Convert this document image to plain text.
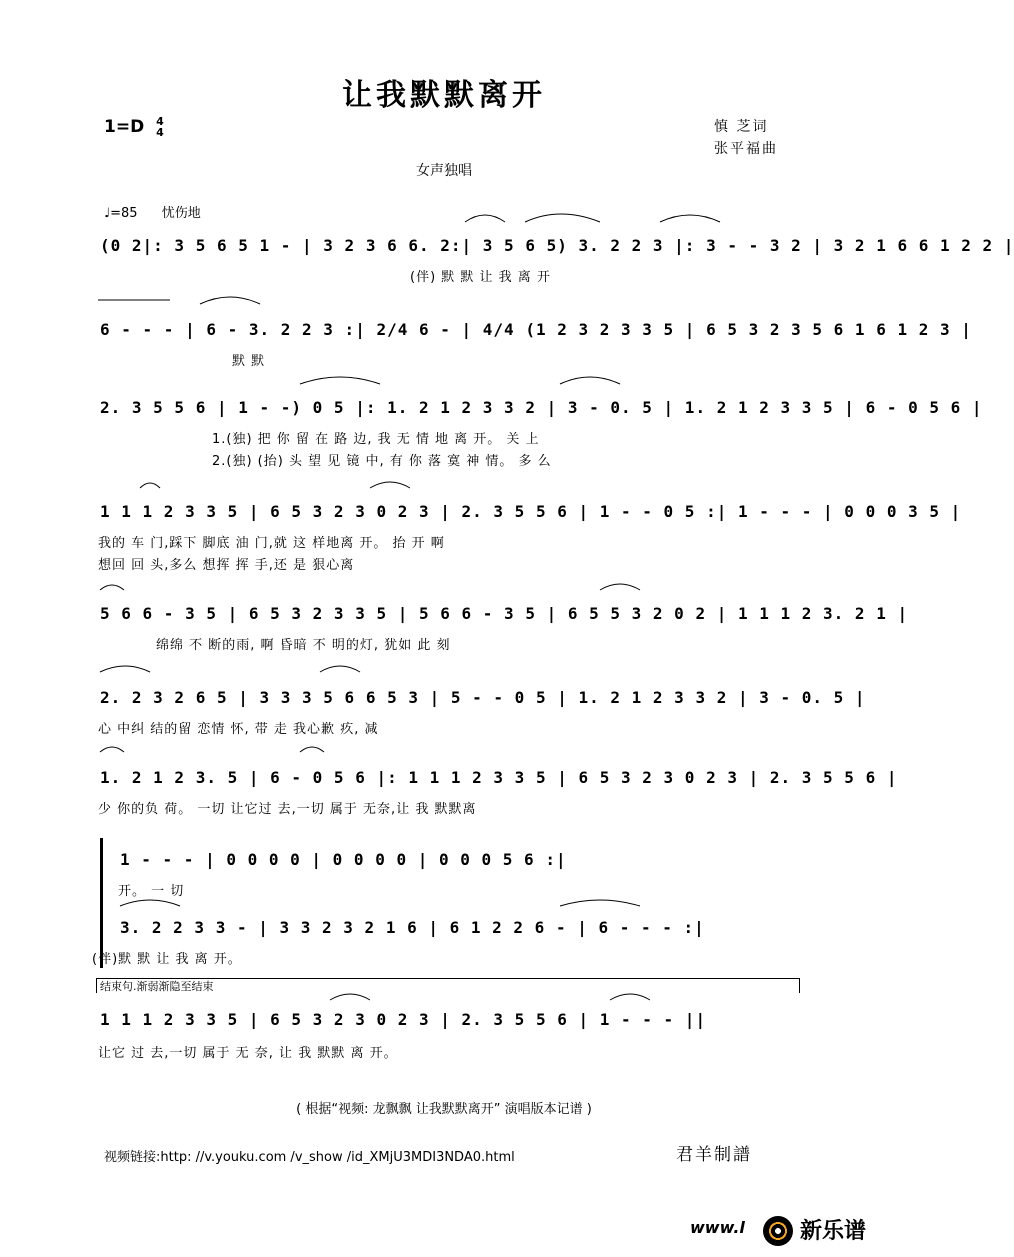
让我默默离开
1=D 4
4	慎 芝词
张平福曲
女声独唱
♩=85 忧伤地
(0 2|: 3 5 6 5 1 - | 3 2 3 6 6. 2:| 3 5 6 5) 3. 2 2 3 |: 3 - - 3 2 | 3 2 1 6 6 1 2 2 |
(伴) 默 默 让 我 离 开
6 - - - | 6 - 3. 2 2 3 :| 2/4 6 - | 4/4 (1 2 3 2 3 3 5 | 6 5 3 2 3 5 6 1 6 1 2 3 |
默 默
2. 3 5 5 6 | 1 - -) 0 5 |: 1. 2 1 2 3 3 2 | 3 - 0. 5 | 1. 2 1 2 3 3 5 | 6 - 0 5 6 |
1.(独) 把 你 留 在 路 边, 我 无 情 地 离 开。 关 上
2.(独) (抬) 头 望 见 镜 中, 有 你 落 寞 神 情。 多 么
1 1 1 2 3 3 5 | 6 5 3 2 3 0 2 3 | 2. 3 5 5 6 | 1 - - 0 5 :| 1 - - - | 0 0 0 3 5 |
我的 车 门,踩下 脚底 油 门,就 这 样地离 开。 抬 开 啊
想回 回 头,多么 想挥 挥 手,还 是 狠心离
5 6 6 - 3 5 | 6 5 3 2 3 3 5 | 5 6 6 - 3 5 | 6 5 5 3 2 0 2 | 1 1 1 2 3. 2 1 |
绵绵 不 断的雨, 啊 昏暗 不 明的灯, 犹如 此 刻
2. 2 3 2 6 5 | 3 3 3 5 6 6 5 3 | 5 - - 0 5 | 1. 2 1 2 3 3 2 | 3 - 0. 5 |
心 中纠 结的留 恋情 怀, 带 走 我心歉 疚, 减
1. 2 1 2 3. 5 | 6 - 0 5 6 |: 1 1 1 2 3 3 5 | 6 5 3 2 3 0 2 3 | 2. 3 5 5 6 |
少 你的负 荷。 一切 让它过 去,一切 属于 无奈,让 我 默默离
1 - - - | 0 0 0 0 | 0 0 0 0 | 0 0 0 5 6 :|
开。 一 切
3. 2 2 3 3 - | 3 3 2 3 2 1 6 | 6 1 2 2 6 - | 6 - - - :|
(伴)默 默 让 我 离 开。
结束句.渐弱渐隐至结束
1 1 1 2 3 3 5 | 6 5 3 2 3 0 2 3 | 2. 3 5 5 6 | 1 - - - ||
让它 过 去,一切 属于 无 奈, 让 我 默默 离 开。
( 根据“视频: 龙飘飘 让我默默离开” 演唱版本记谱 )
视频链接:http: //v.youku.com /v_show /id_XMjU3MDI3NDA0.html	君羊制譜
www.l	新乐谱
